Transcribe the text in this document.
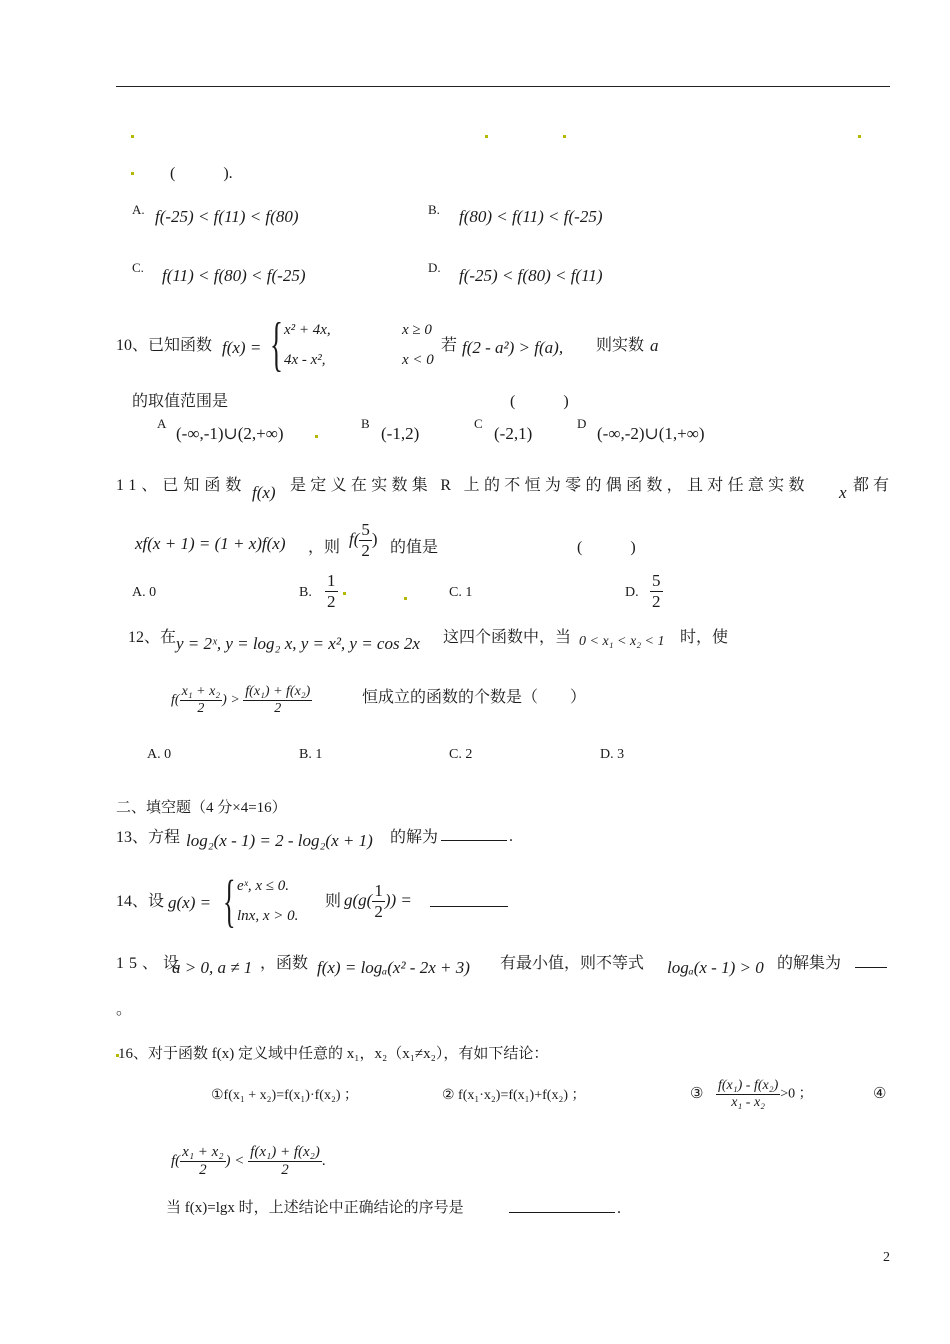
(　　　).
A. f(-25) < f(11) < f(80)	B. f(80) < f(11) < f(-25)
C. f(11) < f(80) < f(-25)	D. f(-25) < f(80) < f(11)
10、已知函数 f(x) = { x² + 4x,	x ≥ 0
4x - x²,	x < 0
若 f(2 - a²) > f(a), 则实数 a
的取值范围是	(　　　)
A
(-∞,-1)∪(2,+∞)
B
(-1,2)
C
(-2,1)
D
(-∞,-2)∪(1,+∞)
11、已知函数 f(x) 是定义在实数集 R 上的不恒为零的偶函数，且对任意实数 x 都有
xf(x + 1) = (1 + x)f(x) ，则 $f( \frac{5}{2}$ ) 的值是	(　　　)
A. 0	B. $\frac{1}{2}$	C. 1	D. $\frac{5}{2}$
12、在 y = 2ˣ, y = log₂ x, y = x², y = cos 2x 这四个函数中，当 0 < x₁ < x₂ < 1 时，使
$f( \frac{\text{x₁ + x₂}}{2}$ ) > $\frac{\text{f(x₁) + f(x₂)}}{2}$	恒成立的函数的个数是（　　）
A. 0	B. 1	C. 2	D. 3
二、填空题（4 分×4=16）
13、方程 log₂(x - 1) = 2 - log₂(x + 1) 的解为	.
14、设 g(x) = { eˣ, x ≤ 0.
lnx, x > 0.
则 $g(g( \frac{1}{2}$ )) =
15、设
a > 0, a ≠ 1 ，函数 f(x) = logₐ(x² - 2x + 3) 有最小值，则不等式 logₐ(x - 1) > 0 的解集为
。
16、对于函数 f(x) 定义域中任意的 x₁，x₂（x₁≠x₂），有如下结论：
①f(x₁ + x₂)=f(x₁)·f(x₂) ；	② f(x₁·x₂)=f(x₁)+f(x₂) ；	③ $\frac{\text{f(x₁) - f(x₂)}}{\text{x₁ - x₂}} >0$ ；	④
$f( \frac{\text{x₁ + x₂}}{2}$ ) < $\frac{\text{f(x₁) + f(x₂)}}{2}$ .
当 f(x)=lgx 时，上述结论中正确结论的序号是	.
2
